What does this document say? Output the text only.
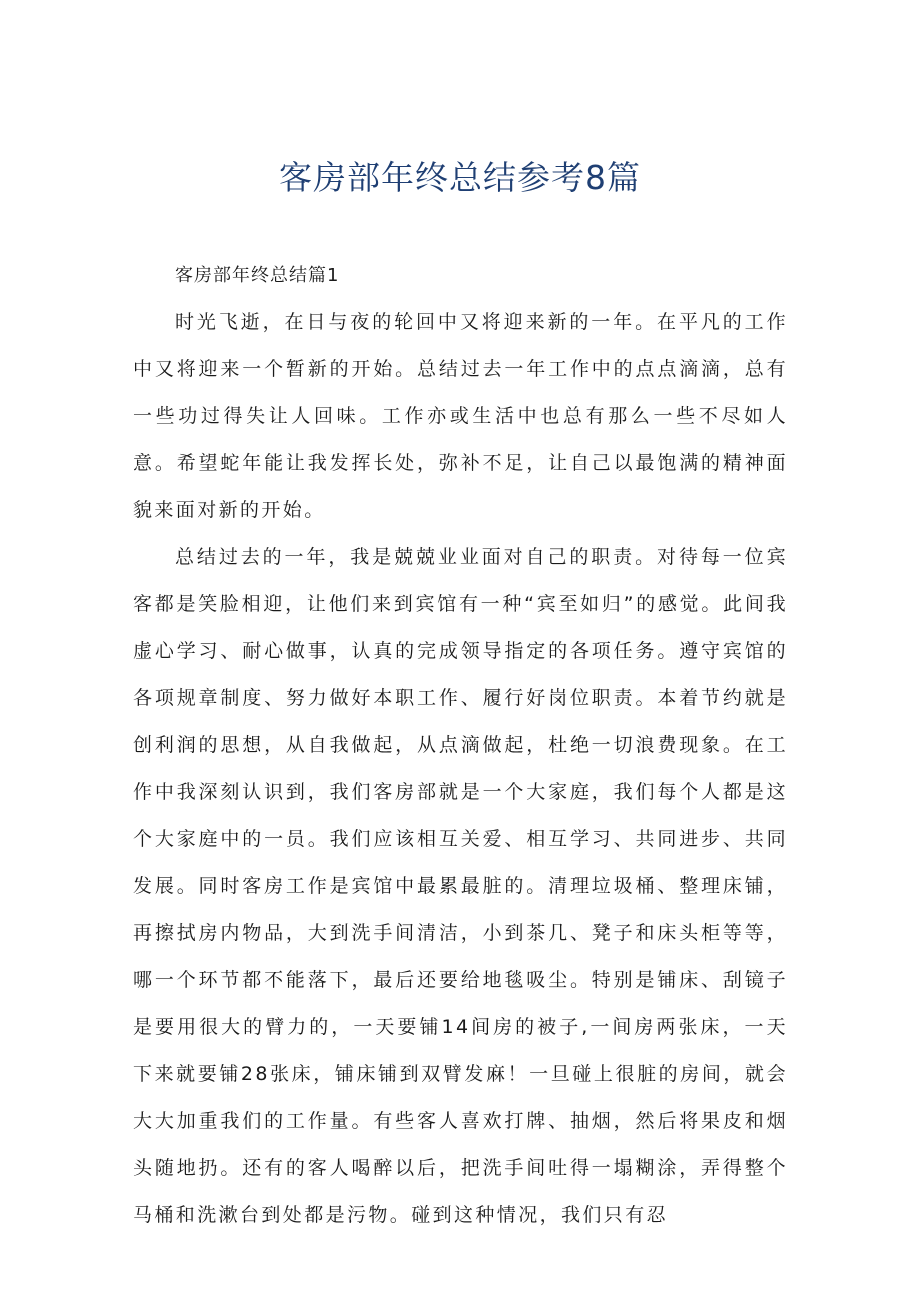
客房部年终总结参考8篇
客房部年终总结篇1

时光飞逝，在日与夜的轮回中又将迎来新的一年。在平凡的工作中又将迎来一个暂新的开始。总结过去一年工作中的点点滴滴，总有一些功过得失让人回味。工作亦或生活中也总有那么一些不尽如人意。希望蛇年能让我发挥长处，弥补不足，让自己以最饱满的精神面貌来面对新的开始。

总结过去的一年，我是兢兢业业面对自己的职责。对待每一位宾客都是笑脸相迎，让他们来到宾馆有一种“宾至如归”的感觉。此间我虚心学习、耐心做事，认真的完成领导指定的各项任务。遵守宾馆的各项规章制度、努力做好本职工作、履行好岗位职责。本着节约就是创利润的思想，从自我做起，从点滴做起，杜绝一切浪费现象。在工作中我深刻认识到，我们客房部就是一个大家庭，我们每个人都是这个大家庭中的一员。我们应该相互关爱、相互学习、共同进步、共同发展。同时客房工作是宾馆中最累最脏的。清理垃圾桶、整理床铺，再擦拭房内物品，大到洗手间清洁，小到茶几、凳子和床头柜等等，哪一个环节都不能落下，最后还要给地毯吸尘。特别是铺床、刮镜子是要用很大的臂力的，一天要铺14间房的被子,一间房两张床，一天下来就要铺28张床，铺床铺到双臂发麻！一旦碰上很脏的房间，就会大大加重我们的工作量。有些客人喜欢打牌、抽烟，然后将果皮和烟头随地扔。还有的客人喝醉以后，把洗手间吐得一塌糊涂，弄得整个马桶和洗漱台到处都是污物。碰到这种情况，我们只有忍
